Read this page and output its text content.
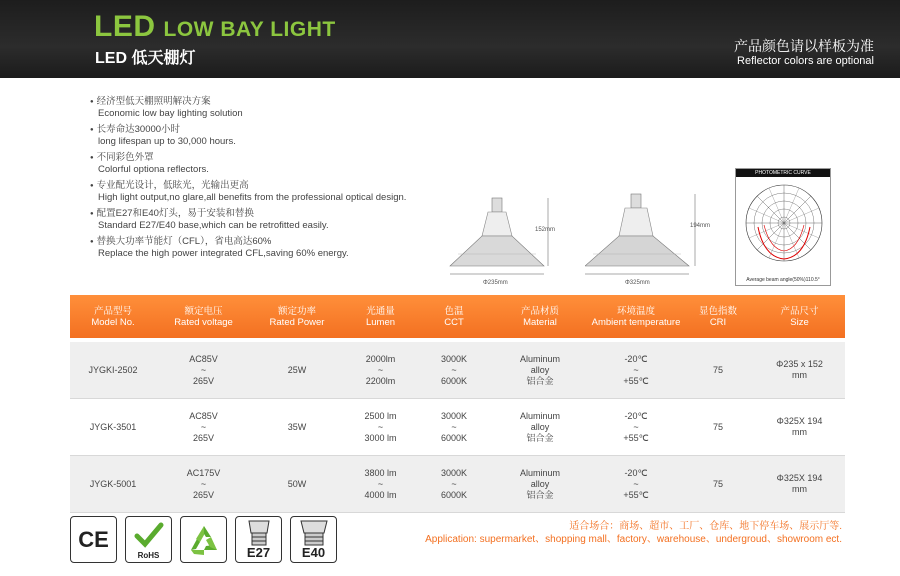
LED LOW BAY LIGHT
LED 低天棚灯
产品颜色请以样板为准
Reflector colors are optional
● 经济型低天棚照明解决方案
Economic low bay lighting solution
● 长寿命达30000小时
long lifespan up to 30,000 hours.
● 不同彩色外罩
Colorful optiona reflectors.
● 专业配光设计，低眩光，光输出更高
High light output,no glare,all benefits from the professional optical design.
● 配置E27和E40灯头，易于安装和替换
Standard E27/E40 base,which can be retrofitted easily.
● 替换大功率节能灯（CFL），省电高达60%
Replace the high power integrated CFL,saving 60% energy.
152mm
Φ235mm
194mm
Φ325mm
PHOTOMETRIC CURVE
Average beam angle(50%)110.5°
产品型号
Model No.
额定电压
Rated voltage
额定功率
Rated Power
光通量
Lumen
色温
CCT
产品材质
Material
环境温度
Ambient temperature
显色指数
CRI
产品尺寸
Size
JYGKI-2502
AC85V
~
265V
25W
2000lm
~
2200lm
3000K
~
6000K
Aluminum
alloy
铝合金
-20℃
~
+55℃
75
Φ235 x 152
mm
JYGK-3501
AC85V
~
265V
35W
2500 lm
~
3000 lm
3000K
~
6000K
Aluminum
alloy
铝合金
-20℃
~
+55℃
75
Φ325X 194
mm
JYGK-5001
AC175V
~
265V
50W
3800 lm
~
4000 lm
3000K
~
6000K
Aluminum
alloy
铝合金
-20℃
~
+55℃
75
Φ325X 194
mm
CE
RoHS	E27	E40
适合场合：商场、超市、工厂、仓库、地下停车场、展示厅等.
Application: supermarket、shopping mall、factory、warehouse、undergroud、showroom ect.
